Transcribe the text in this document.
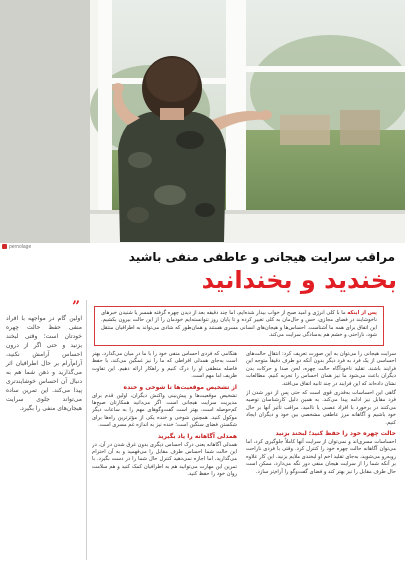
pernolage
مراقب سرایت هیجانی و عاطفی منفی باشید
بخندید و بخندانید
پس از اینکه ما با کلی انرژی و امید صبح از خواب بیدار شده‌ایم، اما چند دقیقه بعد از دیدن چهره گرفته همسر یا شنیدن خبرهای ناخوشایند در فضای مجازی، حس و حال‌مان به کلی تغییر کرده و تا پایان روز نتوانسته‌ایم خودمان را از این حالت بیرون بکشیم. این اتفاق برای همه ما آشناست. احساس‌ها و هیجان‌های انسانی مسری هستند و همان‌طور که شادی می‌تواند به اطرافیان منتقل شود، ناراحتی و خشم هم به‌سادگی سرایت می‌کند.
”
اولین گام در مواجهه با افراد منفی حفظ حالت چهره خودتان است؛ وقتی لبخند بزنید و حتی اگر از درون احساس آرامش نکنید، آرام‌آرام بر حال اطرافیان اثر می‌گذارید و ذهن شما هم به دنبال آن احساس خوشایندتری پیدا می‌کند. این تمرین ساده می‌تواند جلوی سرایت هیجان‌های منفی را بگیرد.

هنگامی که فردی احساس منفی خود را با ما در میان می‌گذارد، بهتر است به‌جای همدلی افراطی که ما را نیز غمگین می‌کند، با حفظ فاصله منطقی او را درک کنیم و راهکار ارائه دهیم. این تفاوت ظریف اما مهم است.

از تشخیص موقعیت‌ها تا شوخی و خنده

تشخیص موقعیت‌ها و پیش‌بینی واکنش دیگران، اولین قدم برای مدیریت سرایت هیجانی است. اگر می‌دانید همکارتان صبح‌ها کم‌حوصله است، بهتر است گفت‌وگوهای مهم را به ساعات دیگر موکول کنید. همچنین شوخی و خنده یکی از مؤثرترین راه‌ها برای شکستن فضای سنگین است؛ خنده نیز به اندازه غم مسری است.

همدلی آگاهانه را یاد بگیرید

همدلی آگاهانه یعنی درک احساس دیگری بدون غرق شدن در آن. در این حالت شما احساس طرف مقابل را می‌فهمید و به آن احترام می‌گذارید، اما اجازه نمی‌دهید کنترل حال شما را در دست بگیرد. با تمرین این مهارت می‌توانید هم به اطرافیان کمک کنید و هم سلامت روان خود را حفظ کنید.

سرایت هیجانی را می‌توان به این صورت تعریف کرد: انتقال حالت‌های احساسی از یک فرد به فرد دیگر بدون آنکه دو طرف دقیقاً متوجه این فرایند باشند. تقلید ناخودآگاه حالت چهره، لحن صدا و حرکات بدن دیگران باعث می‌شود ما نیز همان احساس را تجربه کنیم. مطالعات نشان داده‌اند که این فرایند در چند ثانیه اتفاق می‌افتد.

گاهی این احساسات به‌قدری قوی است که حتی پس از دور شدن از فرد مقابل نیز ادامه پیدا می‌کند. به همین دلیل کارشناسان توصیه می‌کنند در برخورد با افراد عصبی یا ناامید، مراقب تأثیر آنها بر حال خود باشیم و آگاهانه مرز عاطفی مشخصی بین خود و دیگران ایجاد کنیم.

حالت چهره خود را حفظ کنید؛ لبخند بزنید

احساسات مسری‌اند و نمی‌توان از سرایت آنها کاملاً جلوگیری کرد، اما می‌توان آگاهانه حالت چهره خود را کنترل کرد. وقتی با فردی ناراحت روبه‌رو می‌شوید، به‌جای تقلید اخم او لبخندی ملایم بزنید. این کار علاوه بر آنکه شما را از سرایت هیجان منفی دور نگه می‌دارد، ممکن است حال طرف مقابل را نیز بهتر کند و فضای گفت‌وگو را آرام‌تر سازد.
